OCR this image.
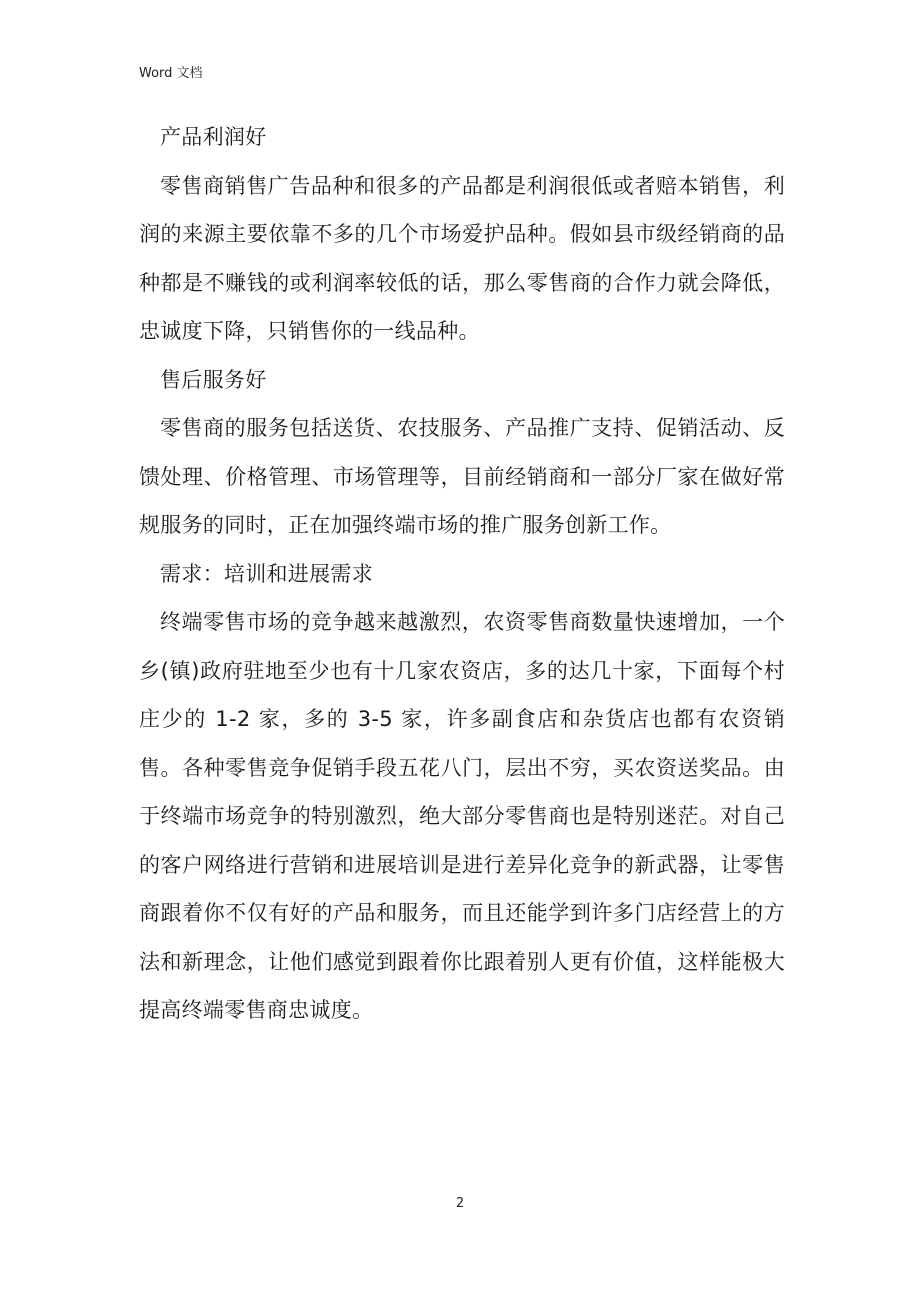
Word 文档

产品利润好

零售商销售广告品种和很多的产品都是利润很低或者赔本销售，利润的来源主要依靠不多的几个市场爱护品种。假如县市级经销商的品种都是不赚钱的或利润率较低的话，那么零售商的合作力就会降低，忠诚度下降，只销售你的一线品种。

售后服务好

零售商的服务包括送货、农技服务、产品推广支持、促销活动、反馈处理、价格管理、市场管理等，目前经销商和一部分厂家在做好常规服务的同时，正在加强终端市场的推广服务创新工作。

需求：培训和进展需求

终端零售市场的竞争越来越激烈，农资零售商数量快速增加，一个乡(镇)政府驻地至少也有十几家农资店，多的达几十家，下面每个村庄少的 1-2 家，多的 3-5 家，许多副食店和杂货店也都有农资销售。各种零售竞争促销手段五花八门，层出不穷，买农资送奖品。由于终端市场竞争的特别激烈，绝大部分零售商也是特别迷茫。对自己的客户网络进行营销和进展培训是进行差异化竞争的新武器，让零售商跟着你不仅有好的产品和服务，而且还能学到许多门店经营上的方法和新理念，让他们感觉到跟着你比跟着别人更有价值，这样能极大提高终端零售商忠诚度。

2
